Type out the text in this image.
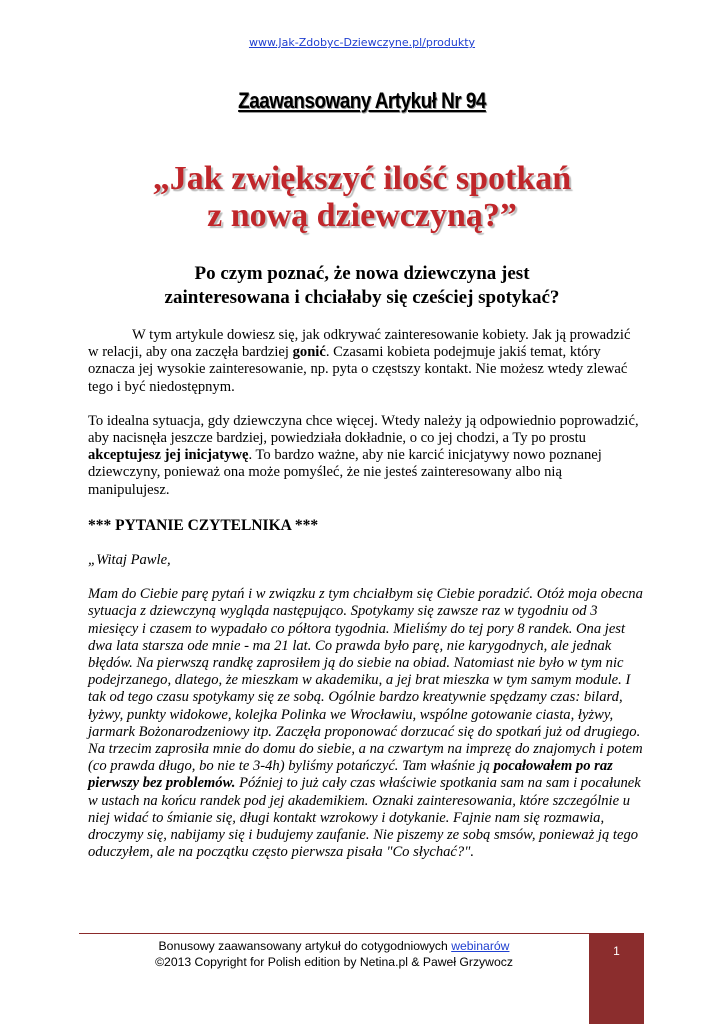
www.Jak-Zdobyc-Dziewczyne.pl/produkty
Zaawansowany Artykuł Nr 94
„Jak zwiększyć ilość spotkań
z nową dziewczyną?”
Po czym poznać, że nowa dziewczyna jest
zainteresowana i chciałaby się cześciej spotykać?

W tym artykule dowiesz się, jak odkrywać zainteresowanie kobiety. Jak ją prowadzić w relacji, aby ona zaczęła bardziej gonić. Czasami kobieta podejmuje jakiś temat, który oznacza jej wysokie zainteresowanie, np. pyta o częstszy kontakt. Nie możesz wtedy zlewać tego i być niedostępnym.

To idealna sytuacja, gdy dziewczyna chce więcej. Wtedy należy ją odpowiednio poprowadzić, aby nacisnęła jeszcze bardziej, powiedziała dokładnie, o co jej chodzi, a Ty po prostu akceptujesz jej inicjatywę. To bardzo ważne, aby nie karcić inicjatywy nowo poznanej dziewczyny, ponieważ ona może pomyśleć, że nie jesteś zainteresowany albo nią manipulujesz.

*** PYTANIE CZYTELNIKA ***

„Witaj Pawle,

Mam do Ciebie parę pytań i w związku z tym chciałbym się Ciebie poradzić. Otóż moja obecna sytuacja z dziewczyną wygląda następująco. Spotykamy się zawsze raz w tygodniu od 3 miesięcy i czasem to wypadało co półtora tygodnia. Mieliśmy do tej pory 8 randek. Ona jest dwa lata starsza ode mnie - ma 21 lat. Co prawda było parę, nie karygodnych, ale jednak błędów. Na pierwszą randkę zaprosiłem ją do siebie na obiad. Natomiast nie było w tym nic podejrzanego, dlatego, że mieszkam w akademiku, a jej brat mieszka w tym samym module. I tak od tego czasu spotykamy się ze sobą. Ogólnie bardzo kreatywnie spędzamy czas: bilard, łyżwy, punkty widokowe, kolejka Polinka we Wrocławiu, wspólne gotowanie ciasta, łyżwy, jarmark Bożonarodzeniowy itp. Zaczęła proponować dorzucać się do spotkań już od drugiego. Na trzecim zaprosiła mnie do domu do siebie, a na czwartym na imprezę do znajomych i potem (co prawda długo, bo nie te 3-4h) byliśmy potańczyć. Tam właśnie ją pocałowałem po raz pierwszy bez problemów. Później to już cały czas właściwie spotkania sam na sam i pocałunek w ustach na końcu randek pod jej akademikiem. Oznaki zainteresowania, które szczególnie u niej widać to śmianie się, długi kontakt wzrokowy i dotykanie. Fajnie nam się rozmawia, droczymy się, nabijamy się i budujemy zaufanie. Nie piszemy ze sobą smsów, ponieważ ją tego oduczyłem, ale na początku często pierwsza pisała "Co słychać?".

Bonusowy zaawansowany artykuł do cotygodniowych webinarów
©2013 Copyright for Polish edition by Netina.pl & Paweł Grzywocz
1
